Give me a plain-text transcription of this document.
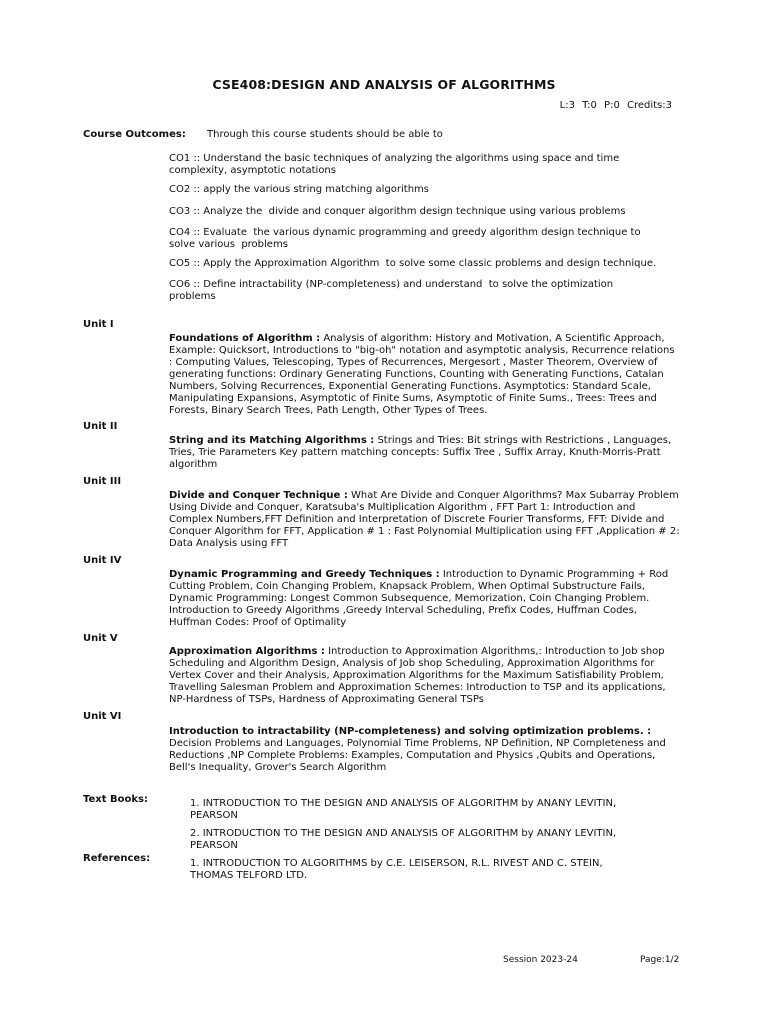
CSE408:DESIGN AND ANALYSIS OF ALGORITHMS
L:3 T:0 P:0 Credits:3
Course Outcomes: Through this course students should be able to
CO1 :: Understand the basic techniques of analyzing the algorithms using space and time
complexity, asymptotic notations
CO2 :: apply the various string matching algorithms
CO3 :: Analyze the  divide and conquer algorithm design technique using various problems
CO4 :: Evaluate  the various dynamic programming and greedy algorithm design technique to
solve various  problems
CO5 :: Apply the Approximation Algorithm  to solve some classic problems and design technique.
CO6 :: Define intractability (NP-completeness) and understand  to solve the optimization
problems
Unit I
Foundations of Algorithm : Analysis of algorithm: History and Motivation, A Scientific Approach,
Example: Quicksort, Introductions to "big-oh" notation and asymptotic analysis, Recurrence relations
: Computing Values, Telescoping, Types of Recurrences, Mergesort , Master Theorem, Overview of
generating functions: Ordinary Generating Functions, Counting with Generating Functions, Catalan
Numbers, Solving Recurrences, Exponential Generating Functions. Asymptotics: Standard Scale,
Manipulating Expansions, Asymptotic of Finite Sums, Asymptotic of Finite Sums., Trees: Trees and
Forests, Binary Search Trees, Path Length, Other Types of Trees.
Unit II
String and its Matching Algorithms : Strings and Tries: Bit strings with Restrictions , Languages,
Tries, Trie Parameters Key pattern matching concepts: Suffix Tree , Suffix Array, Knuth-Morris-Pratt
algorithm
Unit III
Divide and Conquer Technique : What Are Divide and Conquer Algorithms? Max Subarray Problem
Using Divide and Conquer, Karatsuba's Multiplication Algorithm , FFT Part 1: Introduction and
Complex Numbers,FFT Definition and Interpretation of Discrete Fourier Transforms, FFT: Divide and
Conquer Algorithm for FFT, Application # 1 : Fast Polynomial Multiplication using FFT ,Application # 2:
Data Analysis using FFT
Unit IV
Dynamic Programming and Greedy Techniques : Introduction to Dynamic Programming + Rod
Cutting Problem, Coin Changing Problem, Knapsack Problem, When Optimal Substructure Fails,
Dynamic Programming: Longest Common Subsequence, Memorization, Coin Changing Problem.
Introduction to Greedy Algorithms ,Greedy Interval Scheduling, Prefix Codes, Huffman Codes,
Huffman Codes: Proof of Optimality
Unit V
Approximation Algorithms : Introduction to Approximation Algorithms,: Introduction to Job shop
Scheduling and Algorithm Design, Analysis of Job shop Scheduling, Approximation Algorithms for
Vertex Cover and their Analysis, Approximation Algorithms for the Maximum Satisfiability Problem,
Travelling Salesman Problem and Approximation Schemes: Introduction to TSP and its applications,
NP-Hardness of TSPs, Hardness of Approximating General TSPs
Unit VI
Introduction to intractability (NP-completeness) and solving optimization problems. :
Decision Problems and Languages, Polynomial Time Problems, NP Definition, NP Completeness and
Reductions ,NP Complete Problems: Examples, Computation and Physics ,Qubits and Operations,
Bell's Inequality, Grover's Search Algorithm
Text Books:	1. INTRODUCTION TO THE DESIGN AND ANALYSIS OF ALGORITHM by ANANY LEVITIN,
PEARSON
2. INTRODUCTION TO THE DESIGN AND ANALYSIS OF ALGORITHM by ANANY LEVITIN,
PEARSON
References:	1. INTRODUCTION TO ALGORITHMS by C.E. LEISERSON, R.L. RIVEST AND C. STEIN,
THOMAS TELFORD LTD.
Session 2023-24	Page:1/2
